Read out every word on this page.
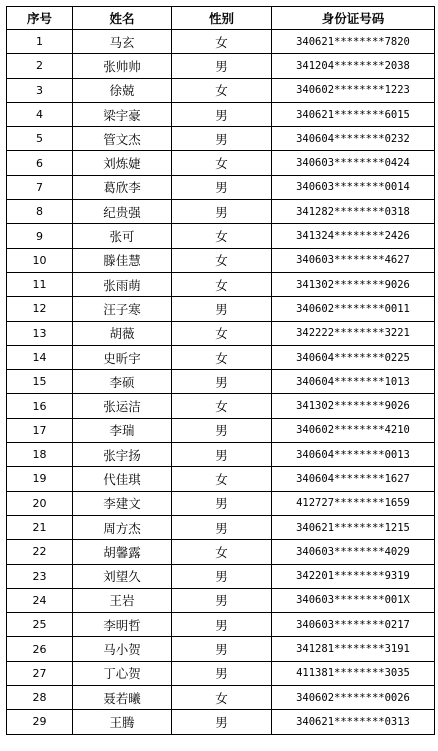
序号	姓名	性别	身份证号码
1	马玄	女	340621********7820
2	张帅帅	男	341204********2038
3	徐兢	女	340602********1223
4	梁宇豪	男	340621********6015
5	管文杰	男	340604********0232
6	刘炼婕	女	340603********0424
7	葛欣李	男	340603********0014
8	纪贵强	男	341282********0318
9	张可	女	341324********2426
10	滕佳慧	女	340603********4627
11	张雨萌	女	341302********9026
12	汪子寒	男	340602********0011
13	胡薇	女	342222********3221
14	史昕宇	女	340604********0225
15	李硕	男	340604********1013
16	张运洁	女	341302********9026
17	李瑞	男	340602********4210
18	张宇扬	男	340604********0013
19	代佳琪	女	340604********1627
20	李建文	男	412727********1659
21	周方杰	男	340621********1215
22	胡馨露	女	340603********4029
23	刘望久	男	342201********9319
24	王岩	男	340603********001X
25	李明哲	男	340603********0217
26	马小贺	男	341281********3191
27	丁心贺	男	411381********3035
28	聂若曦	女	340602********0026
29	王腾	男	340621********0313
